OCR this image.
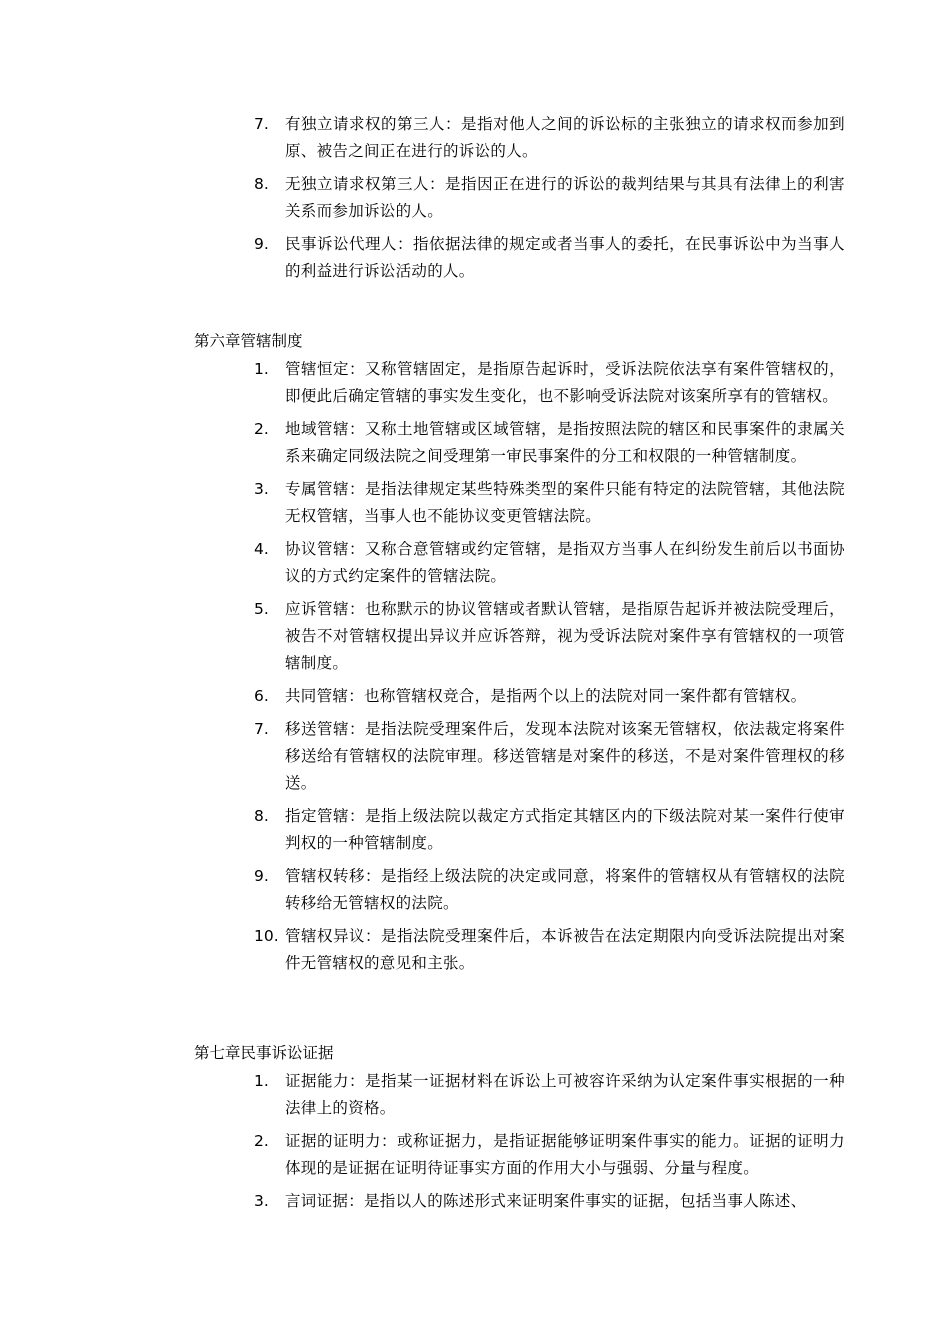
7.	有独立请求权的第三人：是指对他人之间的诉讼标的主张独立的请求权而参加到原、被告之间正在进行的诉讼的人。
8.	无独立请求权第三人：是指因正在进行的诉讼的裁判结果与其具有法律上的利害关系而参加诉讼的人。
9.	民事诉讼代理人：指依据法律的规定或者当事人的委托，在民事诉讼中为当事人的利益进行诉讼活动的人。
第六章管辖制度
1.	管辖恒定：又称管辖固定，是指原告起诉时，受诉法院依法享有案件管辖权的，即便此后确定管辖的事实发生变化，也不影响受诉法院对该案所享有的管辖权。
2.	地域管辖：又称土地管辖或区域管辖，是指按照法院的辖区和民事案件的隶属关系来确定同级法院之间受理第一审民事案件的分工和权限的一种管辖制度。
3.	专属管辖：是指法律规定某些特殊类型的案件只能有特定的法院管辖，其他法院无权管辖，当事人也不能协议变更管辖法院。
4.	协议管辖：又称合意管辖或约定管辖，是指双方当事人在纠纷发生前后以书面协议的方式约定案件的管辖法院。
5.	应诉管辖：也称默示的协议管辖或者默认管辖，是指原告起诉并被法院受理后，被告不对管辖权提出异议并应诉答辩，视为受诉法院对案件享有管辖权的一项管辖制度。
6.	共同管辖：也称管辖权竞合，是指两个以上的法院对同一案件都有管辖权。
7.	移送管辖：是指法院受理案件后，发现本法院对该案无管辖权，依法裁定将案件移送给有管辖权的法院审理。移送管辖是对案件的移送，不是对案件管理权的移送。
8.	指定管辖：是指上级法院以裁定方式指定其辖区内的下级法院对某一案件行使审判权的一种管辖制度。
9.	管辖权转移：是指经上级法院的决定或同意，将案件的管辖权从有管辖权的法院转移给无管辖权的法院。
10. 管辖权异议：是指法院受理案件后，本诉被告在法定期限内向受诉法院提出对案件无管辖权的意见和主张。
第七章民事诉讼证据
1.	证据能力：是指某一证据材料在诉讼上可被容许采纳为认定案件事实根据的一种法律上的资格。
2.	证据的证明力：或称证据力，是指证据能够证明案件事实的能力。证据的证明力体现的是证据在证明待证事实方面的作用大小与强弱、分量与程度。
3.	言词证据：是指以人的陈述形式来证明案件事实的证据，包括当事人陈述、
